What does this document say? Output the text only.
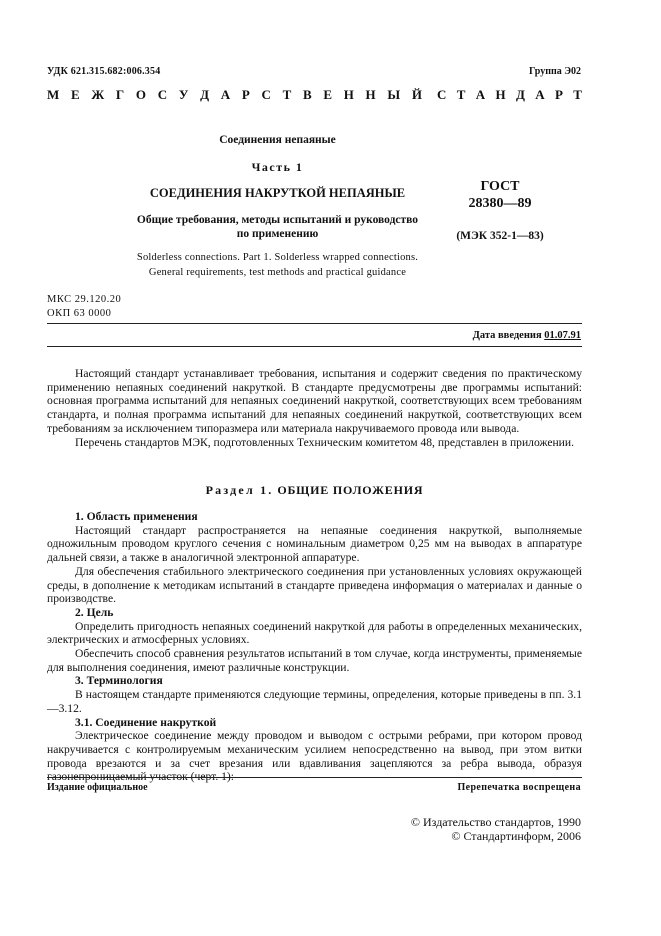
УДК 621.315.682:006.354	Группа Э02
М Е Ж Г О С У Д А Р С Т В Е Н Н Ы Й С Т А Н Д А Р Т
Соединения непаяные
Часть 1
СОЕДИНЕНИЯ НАКРУТКОЙ НЕПАЯНЫЕ
Общие требования, методы испытаний и руководство
по применению
Solderless connections. Part 1. Solderless wrapped connections.
General requirements, test methods and practical guidance
ГОСТ
28380—89
(МЭК 352-1—83)
МКС 29.120.20
ОКП 63 0000
Дата введения 01.07.91

Настоящий стандарт устанавливает требования, испытания и содержит сведения по практическому применению непаяных соединений накруткой. В стандарте предусмотрены две программы испытаний: основная программа испытаний для непаяных соединений накруткой, соответствующих всем требованиям стандарта, и полная программа испытаний для непаяных соединений накруткой, соответствующих всем требованиям за исключением типоразмера или материала накручиваемого провода или вывода.

Перечень стандартов МЭК, подготовленных Техническим комитетом 48, представлен в приложении.

Раздел 1. ОБЩИЕ ПОЛОЖЕНИЯ

1. Область применения

Настоящий стандарт распространяется на непаяные соединения накруткой, выполняемые одножильным проводом круглого сечения с номинальным диаметром 0,25 мм на выводах в аппаратуре дальней связи, а также в аналогичной электронной аппаратуре.

Для обеспечения стабильного электрического соединения при установленных условиях окружающей среды, в дополнение к методикам испытаний в стандарте приведена информация о материалах и данные о производстве.

2. Цель

Определить пригодность непаяных соединений накруткой для работы в определенных механических, электрических и атмосферных условиях.

Обеспечить способ сравнения результатов испытаний в том случае, когда инструменты, применяемые для выполнения соединения, имеют различные конструкции.

3. Терминология

В настоящем стандарте применяются следующие термины, определения, которые приведены в пп. 3.1—3.12.

3.1. Соединение накруткой

Электрическое соединение между проводом и выводом с острыми ребрами, при котором провод накручивается с контролируемым механическим усилием непосредственно на вывод, при этом витки провода врезаются и за счет врезания или вдавливания зацепляются за ребра вывода, образуя газонепроницаемый участок (черт. 1):

Издание официальное	Перепечатка воспрещена
© Издательство стандартов, 1990
© Стандартинформ, 2006
